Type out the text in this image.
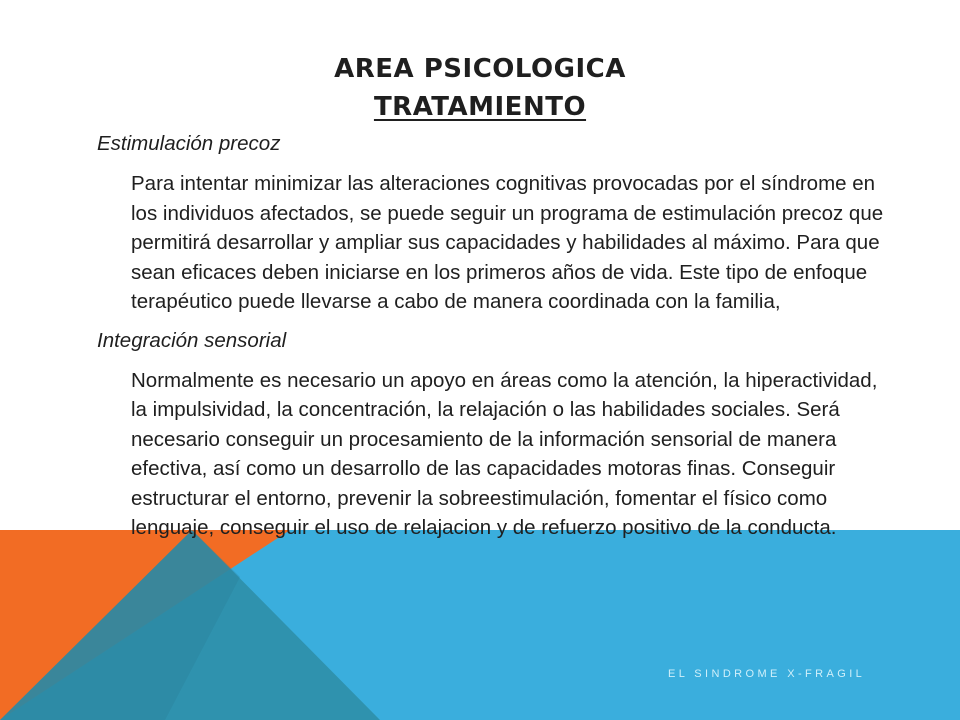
AREA PSICOLOGICA
TRATAMIENTO
Estimulación precoz
Para intentar minimizar las alteraciones cognitivas provocadas por el síndrome en los individuos afectados, se puede seguir un programa de estimulación precoz que permitirá desarrollar y ampliar sus capacidades y habilidades al máximo. Para que sean eficaces deben iniciarse en los primeros años de vida. Este tipo de enfoque terapéutico puede llevarse a cabo de manera coordinada con la familia,
Integración sensorial
Normalmente es necesario un apoyo en áreas como la atención, la hiperactividad, la impulsividad, la concentración, la relajación o las habilidades sociales. Será necesario conseguir un procesamiento de la información sensorial de manera efectiva, así como un desarrollo de las capacidades motoras finas. Conseguir estructurar el entorno, prevenir la sobreestimulación, fomentar el físico como lenguaje, conseguir el uso de relajacion y de refuerzo positivo de la conducta.
EL SINDROME X-FRAGIL
